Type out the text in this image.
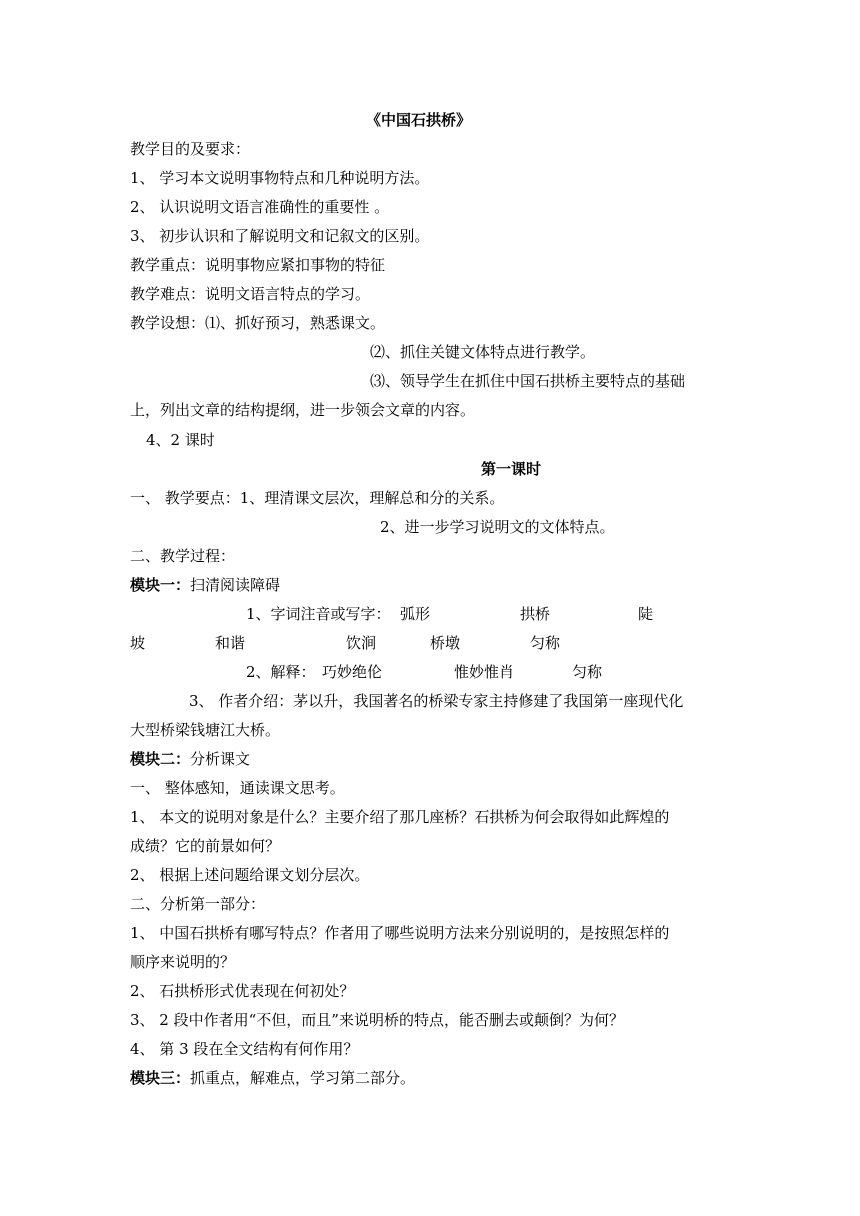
《中国石拱桥》
教学目的及要求：
1、 学习本文说明事物特点和几种说明方法。
2、 认识说明文语言准确性的重要性 。
3、 初步认识和了解说明文和记叙文的区别。
教学重点：说明事物应紧扣事物的特征
教学难点：说明文语言特点的学习。
教学设想：⑴、抓好预习，熟悉课文。
⑵、抓住关键文体特点进行教学。
⑶、领导学生在抓住中国石拱桥主要特点的基础
上，列出文章的结构提纲，进一步领会文章的内容。
4、2 课时
第一课时
一、 教学要点：1、理清课文层次，理解总和分的关系。
2、进一步学习说明文的文体特点。
二、教学过程：
模块一：扫清阅读障碍
1、字词注音或写字： 弧形	拱桥	陡
坡	和谐	饮涧	桥墩	匀称
2、解释： 巧妙绝伦	惟妙惟肖	匀称
3、 作者介绍：茅以升，我国著名的桥梁专家主持修建了我国第一座现代化
大型桥梁钱塘江大桥。
模块二：分析课文
一、 整体感知，通读课文思考。
1、 本文的说明对象是什么？主要介绍了那几座桥？石拱桥为何会取得如此辉煌的
成绩？它的前景如何？
2、 根据上述问题给课文划分层次。
二、分析第一部分：
1、 中国石拱桥有哪写特点？作者用了哪些说明方法来分别说明的，是按照怎样的
顺序来说明的？
2、 石拱桥形式优表现在何初处？
3、 2 段中作者用“不但，而且”来说明桥的特点，能否删去或颠倒？为何？
4、 第 3 段在全文结构有何作用？
模块三：抓重点，解难点，学习第二部分。
